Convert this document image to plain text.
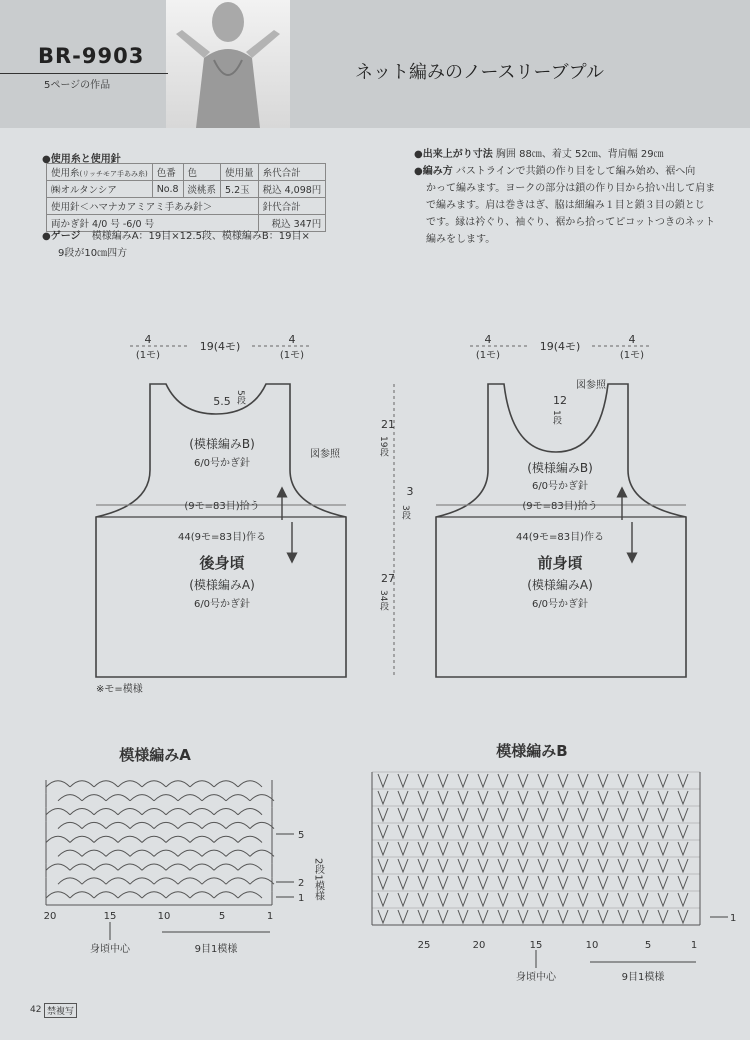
BR-9903
5ページの作品
ネット編みのノースリーブプル
●使用糸と使用針
使用糸(リッチモア手あみ糸)	色番	色	使用量	糸代合計
㈱オルタンシア	No.8	淡桃系	5.2玉	税込 4,098円
使用針＜ハマナカアミアミ手あみ針＞				針代合計
両かぎ針 4/0 号 -6/0 号				税込 347円
●ゲージ 模様編みA：19目×12.5段、模様編みB：19目×
9段が10㎝四方
●出来上がり寸法 胸囲 88㎝、着丈 52㎝、背肩幅 29㎝
●編み方 バストラインで共鎖の作り目をして編み始め、裾へ向
かって編みます。ヨークの部分は鎖の作り目から拾い出して肩ま
で編みます。肩は巻きはぎ、脇は細編み１目と鎖３目の鎖とじ
です。縁は衿ぐり、袖ぐり、裾から拾ってピコットつきのネット
編みをします。
4
(1モ)
19(4モ)
4
(1モ)
5.5 5段
(模様編みB)
6/0号かぎ針
図参照
(9モ=83目)拾う
44(9モ=83目)作る
後身頃
(模様編みA)
6/0号かぎ針
21
19段
3
3段
27
34段
4
(1モ)
19(4モ)
4
(1モ)
図参照
12
1段
(模様編みB)
6/0号かぎ針
(9モ=83目)拾う
44(9モ=83目)作る
前身頃
(模様編みA)
6/0号かぎ針
※モ=模様
模様編みA
5
2
1 2段1模様
20	15	10	5	1
身頃中心	9目1模様
模様編みB
1
25	20	15	10	5	1
身頃中心	9目1模様
42 禁複写
